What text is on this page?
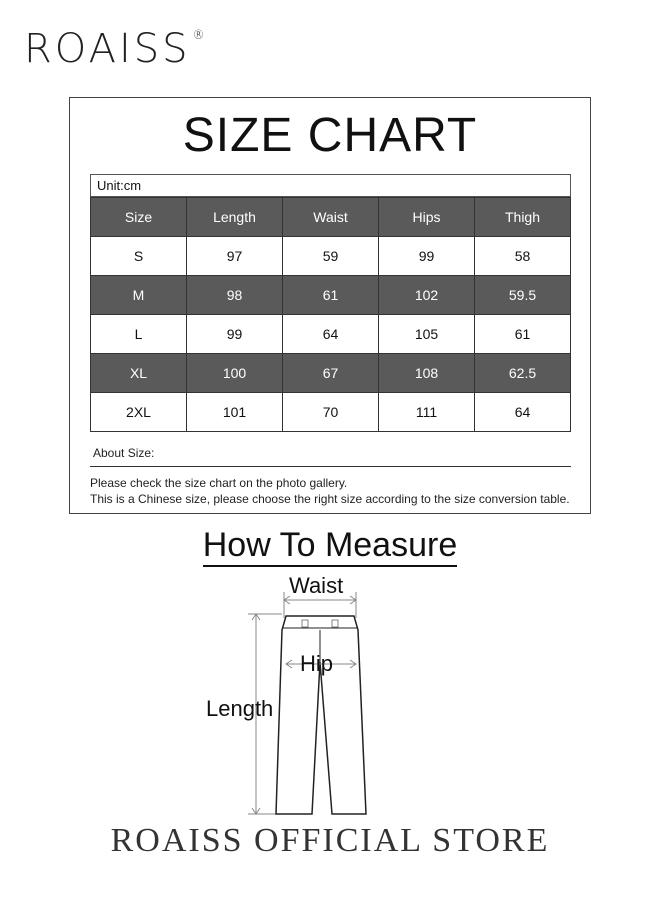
ROAISS ®
SIZE CHART
Unit:cm
Size	Length	Waist	Hips	Thigh
S	97	59	99	58
M	98	61	102	59.5
L	99	64	105	61
XL	100	67	108	62.5
2XL	101	70	111	64
About Size:
Please check the size chart on the photo gallery.
This is a Chinese size, please choose the right size according to the size conversion table.
How To Measure
Waist
Hip
Length
ROAISS OFFICIAL STORE
